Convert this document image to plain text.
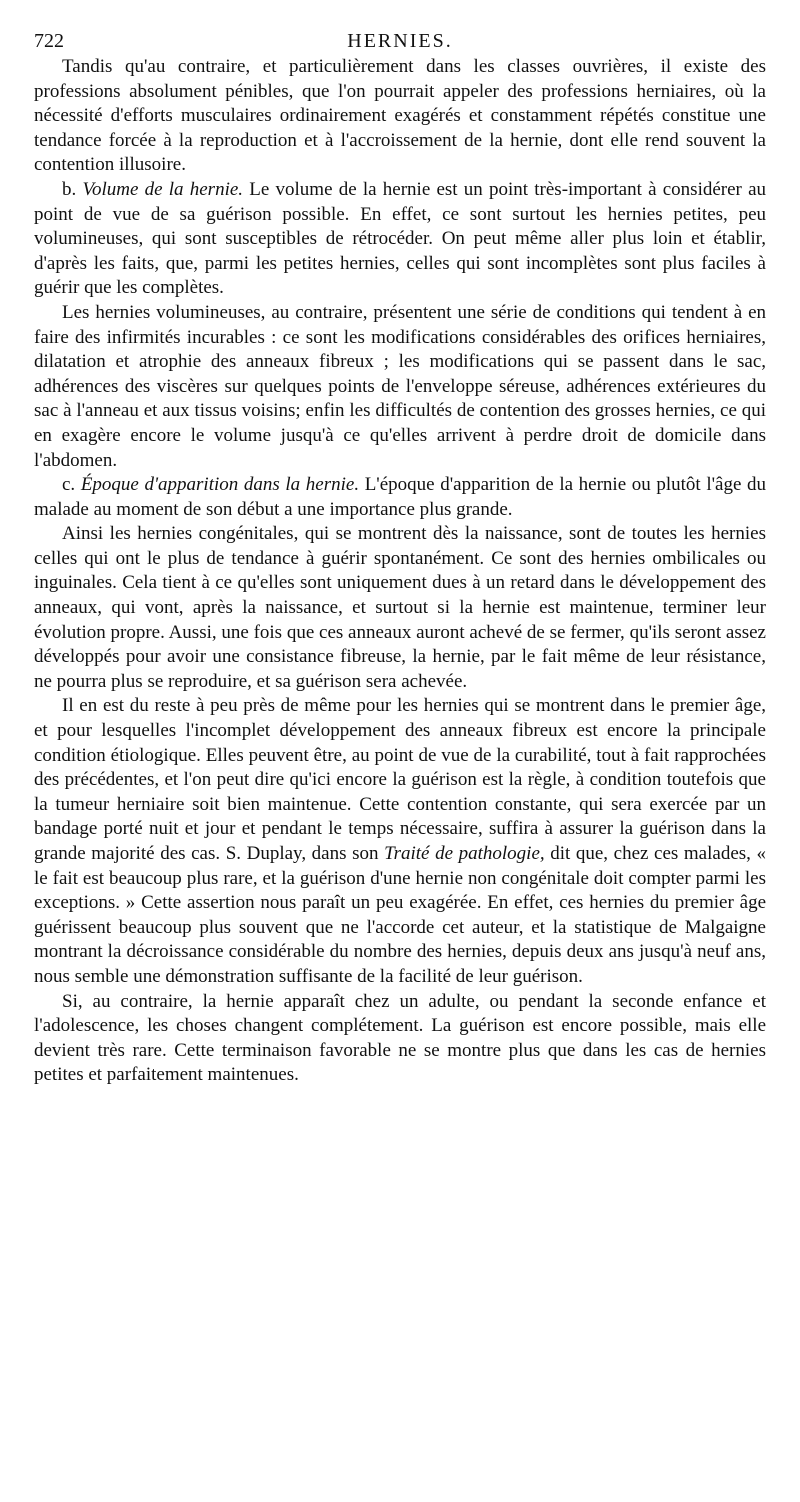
722	HERNIES.

Tandis qu'au contraire, et particulièrement dans les classes ouvrières, il existe des professions absolument pénibles, que l'on pourrait appeler des professions herniaires, où la nécessité d'efforts musculaires ordinairement exagérés et constamment répétés constitue une tendance forcée à la reproduction et à l'accroissement de la hernie, dont elle rend souvent la contention illusoire.

b. Volume de la hernie. Le volume de la hernie est un point très-important à considérer au point de vue de sa guérison possible. En effet, ce sont surtout les hernies petites, peu volumineuses, qui sont susceptibles de rétrocéder. On peut même aller plus loin et établir, d'après les faits, que, parmi les petites hernies, celles qui sont incomplètes sont plus faciles à guérir que les complètes.

Les hernies volumineuses, au contraire, présentent une série de conditions qui tendent à en faire des infirmités incurables : ce sont les modifications considérables des orifices herniaires, dilatation et atrophie des anneaux fibreux ; les modifications qui se passent dans le sac, adhérences des viscères sur quelques points de l'enveloppe séreuse, adhérences extérieures du sac à l'anneau et aux tissus voisins; enfin les difficultés de contention des grosses hernies, ce qui en exagère encore le volume jusqu'à ce qu'elles arrivent à perdre droit de domicile dans l'abdomen.

c. Époque d'apparition dans la hernie. L'époque d'apparition de la hernie ou plutôt l'âge du malade au moment de son début a une importance plus grande.

Ainsi les hernies congénitales, qui se montrent dès la naissance, sont de toutes les hernies celles qui ont le plus de tendance à guérir spontanément. Ce sont des hernies ombilicales ou inguinales. Cela tient à ce qu'elles sont uniquement dues à un retard dans le développement des anneaux, qui vont, après la naissance, et surtout si la hernie est maintenue, terminer leur évolution propre. Aussi, une fois que ces anneaux auront achevé de se fermer, qu'ils seront assez développés pour avoir une consistance fibreuse, la hernie, par le fait même de leur résistance, ne pourra plus se reproduire, et sa guérison sera achevée.

Il en est du reste à peu près de même pour les hernies qui se montrent dans le premier âge, et pour lesquelles l'incomplet développement des anneaux fibreux est encore la principale condition étiologique. Elles peuvent être, au point de vue de la curabilité, tout à fait rapprochées des précédentes, et l'on peut dire qu'ici encore la guérison est la règle, à condition toutefois que la tumeur herniaire soit bien maintenue. Cette contention constante, qui sera exercée par un bandage porté nuit et jour et pendant le temps nécessaire, suffira à assurer la guérison dans la grande majorité des cas. S. Duplay, dans son Traité de pathologie, dit que, chez ces malades, « le fait est beaucoup plus rare, et la guérison d'une hernie non congénitale doit compter parmi les exceptions. » Cette assertion nous paraît un peu exagérée. En effet, ces hernies du premier âge guérissent beaucoup plus souvent que ne l'accorde cet auteur, et la statistique de Malgaigne montrant la décroissance considérable du nombre des hernies, depuis deux ans jusqu'à neuf ans, nous semble une démonstration suffisante de la facilité de leur guérison.

Si, au contraire, la hernie apparaît chez un adulte, ou pendant la seconde enfance et l'adolescence, les choses changent complétement. La guérison est encore possible, mais elle devient très rare. Cette terminaison favorable ne se montre plus que dans les cas de hernies petites et parfaitement maintenues.
